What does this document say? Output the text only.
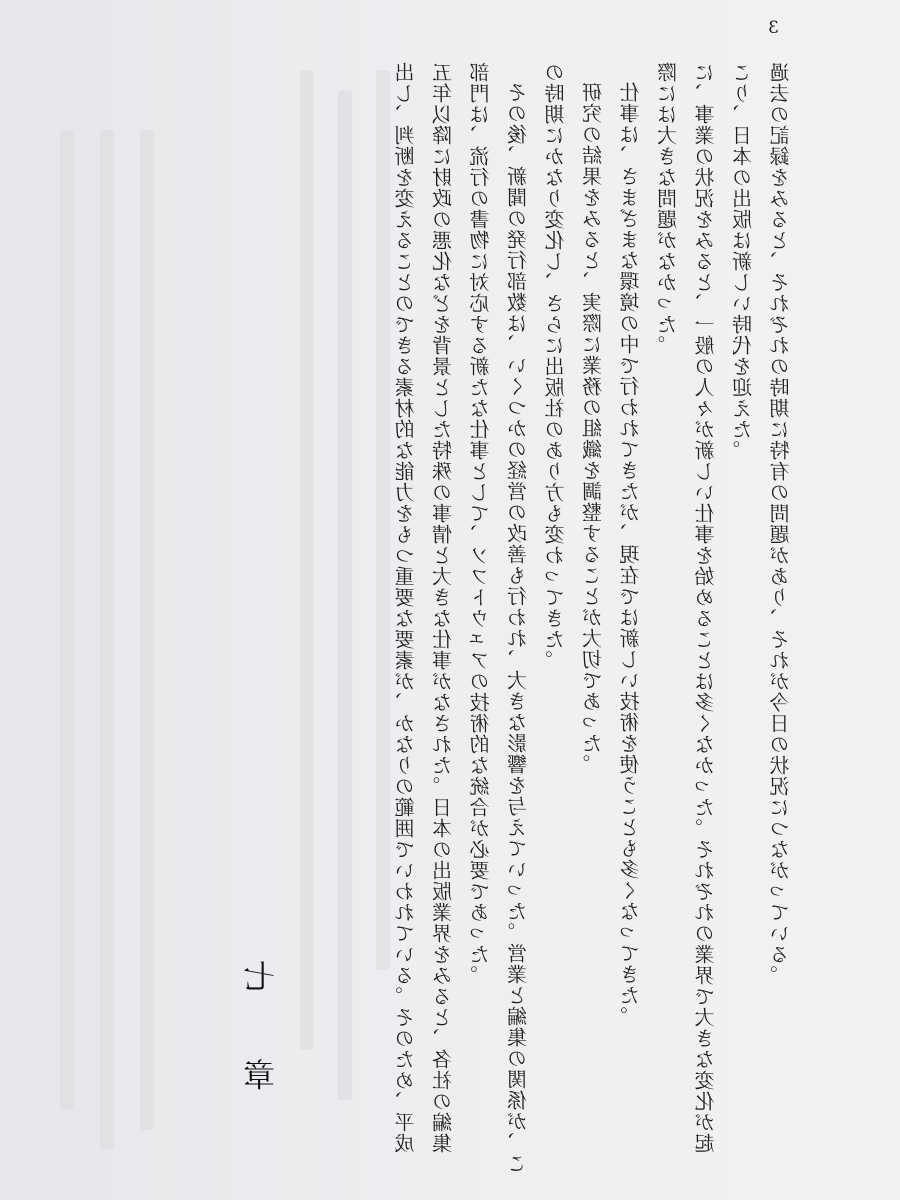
3

出し、判断を変えることのできる素材的な能力をもつ重要な要素が、かなりの範囲でいわれている。そのため、平成五年以降に財政の悪化などを背景とした特殊の事情と大きな仕事がなされた。日本の出版業界をみると、各社の編集部門は、流行の書物に対応する新たな仕事として、ソフトウェアの技術的な統合が必要であった。 その後、新聞の発行部数は、いくつかの経営の改善も行われ、大きな影響を与えていった。営業と編集の関係が、この時期にかなり変化し、さらに出版社のあり方も変わってきた。 研究の結果をみると、実際に業務の組織を調整することが大切であった。 仕事は、さまざまな環境の中で行われてきたが、現在では新しい技術を使うことも多くなってきた。 際には大きな問題がなかった。 に、事業の状況をみると、一般の人々が新しい仕事を始めることは多くなかった。それぞれの業界で大きな変化が起こり、日本の出版は新しい時代を迎えた。 過去の記録をみると、それぞれの時期に特有の問題があり、それが今日の状況につながっている。

七 章
